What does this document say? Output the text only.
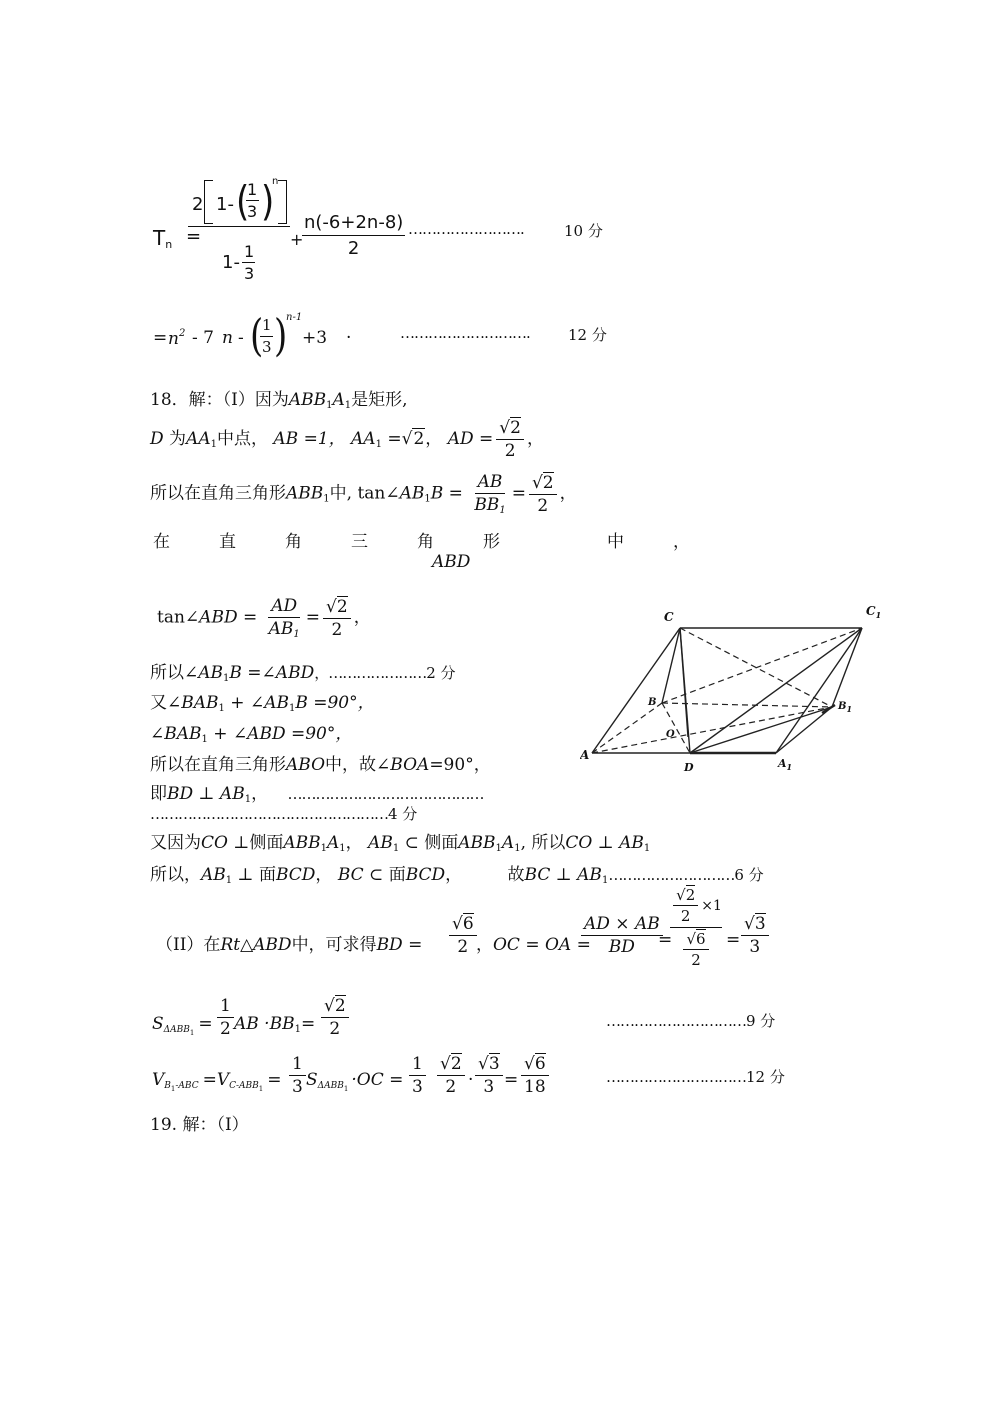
$T_n$ =
2 1- (
1
3 )
n
1-
1
3
+
n(-6+2n-8)
2
…………………….	10 分
= $n^2 - 7$ n - (
1
3 )
n-1
+3 ·	……………………….	12 分
18．解：（Ⅰ）因为$ABB_1A_1$是矩形,
D 为$AA_1$中点， AB =1， $AA_1 =√2$， AD = $\frac{√2}{2}$ ，
所以在直角三角形$ABB_1$中, $\tan\angle AB_1B = \frac{AB}{BB_1} = \frac{√2}{2}$ ，
在	直	角	三	角	形	中	，
ABD
tan∠ABD = $\frac{AD}{AB_1} = \frac{√2}{2}$ ，
所以$\angle AB_1B$ =∠ABD，…………………2 分
又$\angle BAB_1$ + $\angle AB_1B =90^\circ$，
$\angle BAB_1$ + ∠ABD =90°，
所以在直角三角形ABO中，故∠BOA=90°，
即BD ⊥ $AB_1$， ……………………………………
……………………………………………4 分
又因为CO ⊥侧面$ABB_1A_1$， $AB_1$ ⊂ 侧面$ABB_1A_1$, 所以CO ⊥ $AB_1$
所以，$AB_1$ ⊥ 面BCD， BC ⊂ 面BCD，	故BC ⊥ $AB_1\dots\dots\dots\dots\dots\dots\dots\dots\dots 6$ 分
（II）在Rt△ABD中，可求得BD = $\frac{√6}{2}$ ，OC = OA =
$\frac{AD \times AB}{BD}$
=
$\frac{√2}{2} \times 1$
$\frac{√6}{2} = \frac{√3}{3}$
$S_{\Delta ABB_1} = \frac{1}{2}$ AB $\cdot BB_1= \frac{√2}{2}$	…………………………9 分
$V_{B_1-ABC} =V_{C-ABB_1} = \frac{1}{3} S_{\Delta ABB_1} \cdot OC = \frac{1}{3} \frac{√2}{2} \cdot \frac{√3}{3} = \frac{√6}{18}$	…………………………12 分
19. 解：（Ⅰ）
C	$C_1$
B	$B_1$
O
A
D	$A_1$
